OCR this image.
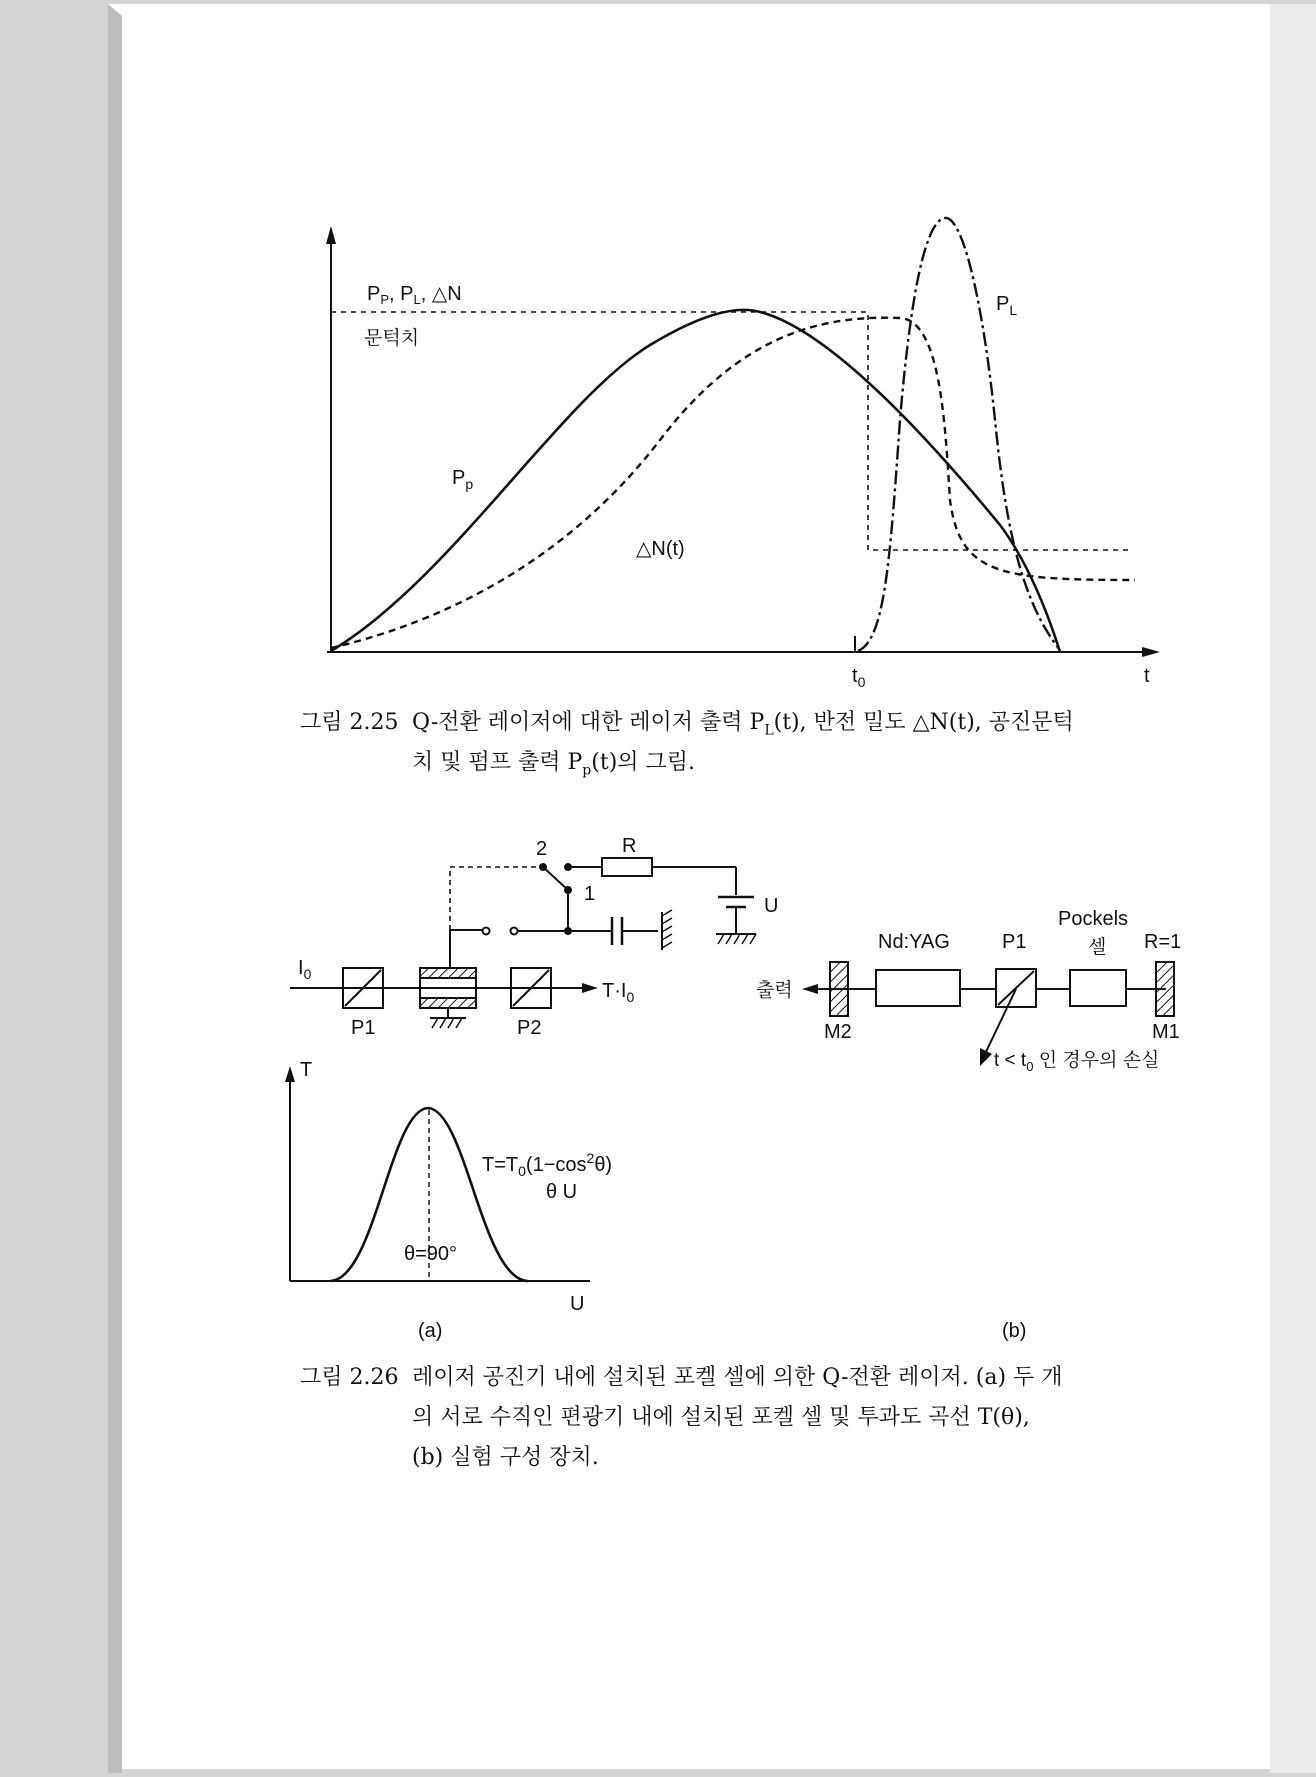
$P_P$, $P_L$, △N
문턱치
$P_p$
△N(t)
$P_L$
$t_0$	t
2
1
R
U
$I_0$
$T\cdot I_0$
P1	P2
T
U
$T=T_0(1-\cos^2\theta)$
θ U
θ=90°
(a)
출력
M2
Nd:YAG	P1
Pockels
셀 R=1
M1
$t < t_0$ 인 경우의 손실
(b)
그림 2.25 Q-전환 레이저에 대한 레이저 출력 $P_L(t)$, 반전 밀도 △N(t), 공진문턱
치 및 펌프 출력 $P_p(t)$의 그림.
그림 2.26 레이저 공진기 내에 설치된 포켈 셀에 의한 Q-전환 레이저. (a) 두 개
의 서로 수직인 편광기 내에 설치된 포켈 셀 및 투과도 곡선 T(θ),
(b) 실험 구성 장치.
